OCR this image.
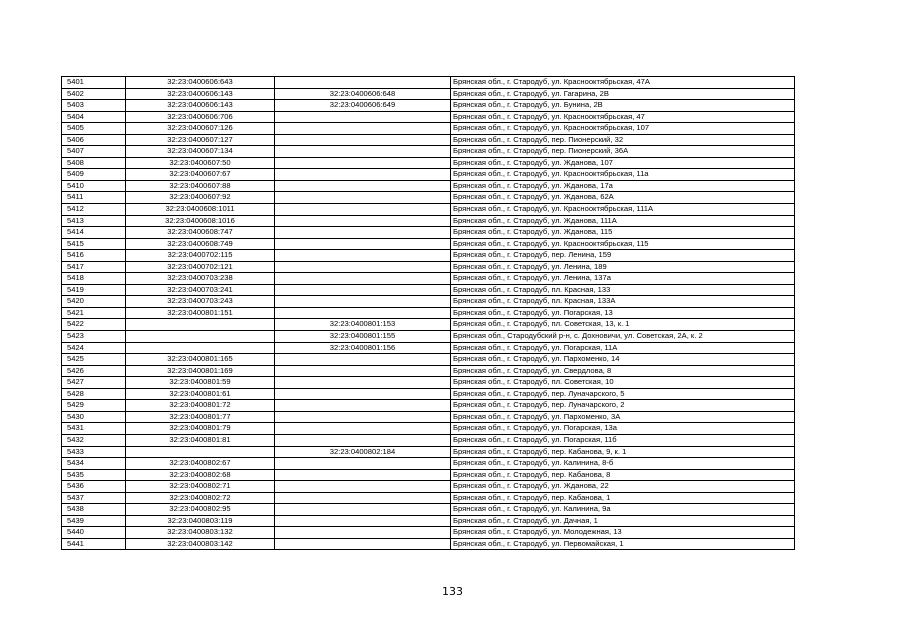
5401	32:23:0400606:643		Брянская обл., г. Стародуб, ул. Краснооктябрьская, 47А
5402	32:23:0400606:143	32:23:0400606:648	Брянская обл., г. Стародуб, ул. Гагарина, 2В
5403	32:23:0400606:143	32:23:0400606:649	Брянская обл., г. Стародуб, ул. Бунина, 2В
5404	32:23:0400606:706		Брянская обл., г. Стародуб, ул. Краснооктябрьская, 47
5405	32:23:0400607:126		Брянская обл., г. Стародуб, ул. Краснооктябрьская, 107
5406	32:23:0400607:127		Брянская обл., г. Стародуб, пер. Пионерский, 32
5407	32:23:0400607:134		Брянская обл., г. Стародуб, пер. Пионерский, 36А
5408	32:23:0400607:50		Брянская обл., г. Стародуб, ул. Жданова, 107
5409	32:23:0400607:67		Брянская обл., г. Стародуб, ул. Краснооктябрьская, 11а
5410	32:23:0400607:88		Брянская обл., г. Стародуб, ул. Жданова, 17а
5411	32:23:0400607:92		Брянская обл., г. Стародуб, ул. Жданова, 62А
5412	32:23:0400608:1011		Брянская обл., г. Стародуб, ул. Краснооктябрьская, 111А
5413	32:23:0400608:1016		Брянская обл., г. Стародуб, ул. Жданова, 111А
5414	32:23:0400608:747		Брянская обл., г. Стародуб, ул. Жданова, 115
5415	32:23:0400608:749		Брянская обл., г. Стародуб, ул. Краснооктябрьская, 115
5416	32:23:0400702:115		Брянская обл., г. Стародуб, пер. Ленина, 159
5417	32:23:0400702:121		Брянская обл., г. Стародуб, ул. Ленина, 189
5418	32:23:0400703:238		Брянская обл., г. Стародуб, ул. Ленина, 137а
5419	32:23:0400703:241		Брянская обл., г. Стародуб, пл. Красная, 133
5420	32:23:0400703:243		Брянская обл., г. Стародуб, пл. Красная, 133А
5421	32:23:0400801:151		Брянская обл., г. Стародуб, ул. Погарская, 13
5422		32:23:0400801:153	Брянская обл., г. Стародуб, пл. Советская, 13, к. 1
5423		32:23:0400801:155	Брянская обл., Стародубский р-н, с. Дохновичи, ул. Советская, 2А, к. 2
5424		32:23:0400801:156	Брянская обл., г. Стародуб, ул. Погарская, 11А
5425	32:23:0400801:165		Брянская обл., г. Стародуб, ул. Пархоменко, 14
5426	32:23:0400801:169		Брянская обл., г. Стародуб, ул. Свердлова, 8
5427	32:23:0400801:59		Брянская обл., г. Стародуб, пл. Советская, 10
5428	32:23:0400801:61		Брянская обл., г. Стародуб, пер. Луначарского, 5
5429	32:23:0400801:72		Брянская обл., г. Стародуб, пер. Луначарского, 2
5430	32:23:0400801:77		Брянская обл., г. Стародуб, ул. Пархоменко, 3А
5431	32:23:0400801:79		Брянская обл., г. Стародуб, ул. Погарская, 13а
5432	32:23:0400801:81		Брянская обл., г. Стародуб, ул. Погарская, 11б
5433		32:23:0400802:184	Брянская обл., г. Стародуб, пер. Кабанова, 9, к. 1
5434	32:23:0400802:67		Брянская обл., г. Стародуб, ул. Калинина, 8-б
5435	32:23:0400802:68		Брянская обл., г. Стародуб, пер. Кабанова, 8
5436	32:23:0400802:71		Брянская обл., г. Стародуб, ул. Жданова, 22
5437	32:23:0400802:72		Брянская обл., г. Стародуб, пер. Кабанова, 1
5438	32:23:0400802:95		Брянская обл., г. Стародуб, ул. Калинина, 9а
5439	32:23:0400803:119		Брянская обл., г. Стародуб, ул. Дачная, 1
5440	32:23:0400803:132		Брянская обл., г. Стародуб, ул. Молодежная, 13
5441	32:23:0400803:142		Брянская обл., г. Стародуб, ул. Первомайская, 1
133
